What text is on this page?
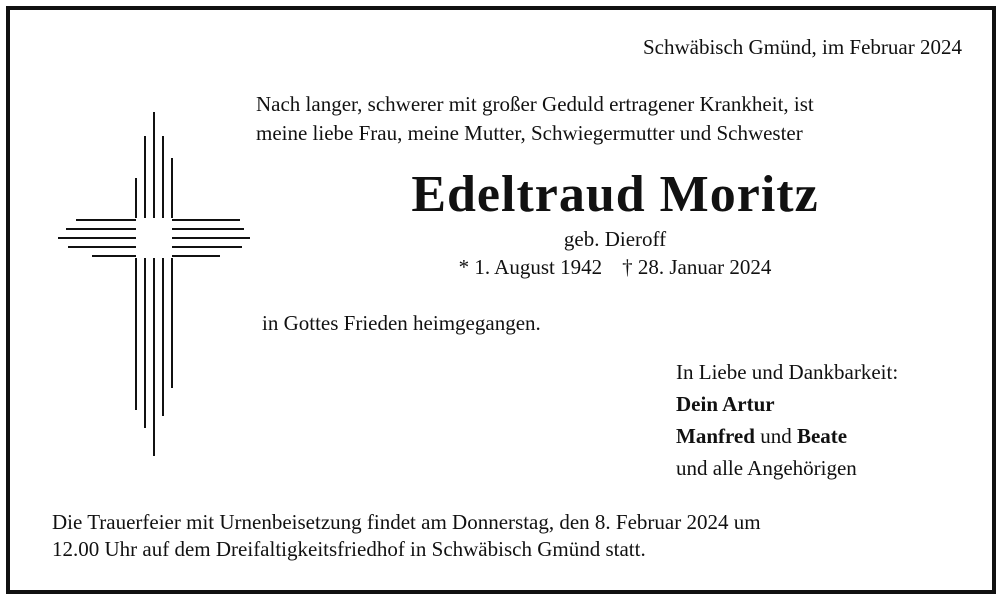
Schwäbisch Gmünd, im Februar 2024
Nach langer, schwerer mit großer Geduld ertragener Krankheit, ist
meine liebe Frau, meine Mutter, Schwiegermutter und Schwester
Edeltraud Moritz
geb. Dieroff
* 1. August 1942 † 28. Januar 2024
in Gottes Frieden heimgegangen.
In Liebe und Dankbarkeit:
Dein Artur
Manfred und Beate
und alle Angehörigen
Die Trauerfeier mit Urnenbeisetzung findet am Donnerstag, den 8. Februar 2024 um
12.00 Uhr auf dem Dreifaltigkeitsfriedhof in Schwäbisch Gmünd statt.
